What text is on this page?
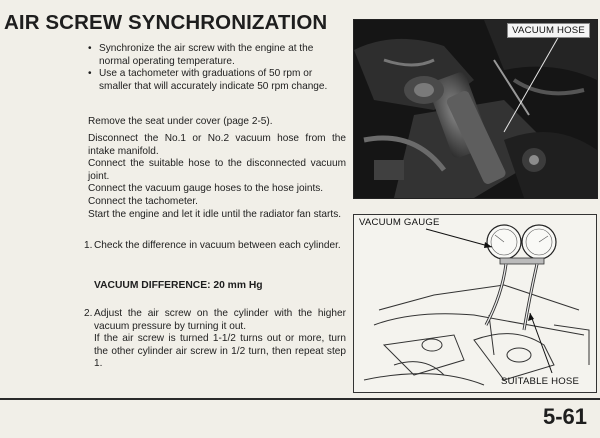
AIR SCREW SYNCHRONIZATION

• Synchronize the air screw with the engine at the normal operating temperature.

• Use a tachometer with graduations of 50 rpm or smaller that will accurately indicate 50 rpm change.

Remove the seat under cover (page 2-5).

Disconnect the No.1 or No.2 vacuum hose from the intake manifold.

Connect the suitable hose to the disconnected vacuum joint.

Connect the vacuum gauge hoses to the hose joints.

Connect the tachometer.

Start the engine and let it idle until the radiator fan starts.

1. Check the difference in vacuum between each cylinder.
VACUUM DIFFERENCE: 20 mm Hg
2. Adjust the air screw on the cylinder with the higher vacuum pressure by turning it out.
If the air screw is turned 1-1/2 turns out or more, turn the other cylinder air screw in 1/2 turn, then repeat step 1.
VACUUM HOSE
VACUUM GAUGE
SUITABLE HOSE
5-61
